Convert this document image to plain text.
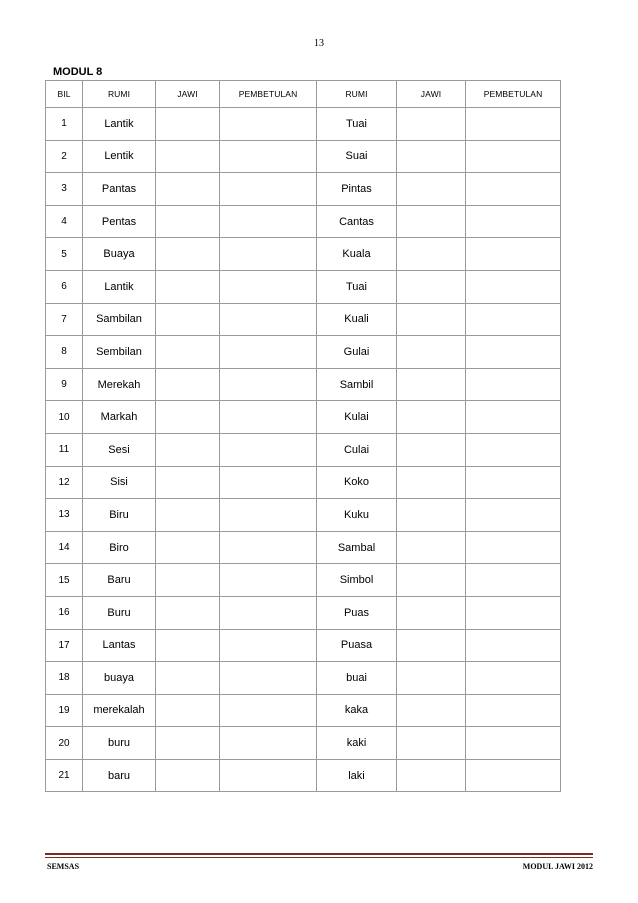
13
MODUL 8
BIL	RUMI	JAWI	PEMBETULAN	RUMI	JAWI	PEMBETULAN
1	Lantik			Tuai		
2	Lentik			Suai		
3	Pantas			Pintas		
4	Pentas			Cantas		
5	Buaya			Kuala		
6	Lantik			Tuai		
7	Sambilan			Kuali		
8	Sembilan			Gulai		
9	Merekah			Sambil		
10	Markah			Kulai		
11	Sesi			Culai		
12	Sisi			Koko		
13	Biru			Kuku		
14	Biro			Sambal		
15	Baru			Simbol		
16	Buru			Puas		
17	Lantas			Puasa		
18	buaya			buai		
19	merekalah			kaka		
20	buru			kaki		
21	baru			laki		
SEMSAS	MODUL JAWI 2012
